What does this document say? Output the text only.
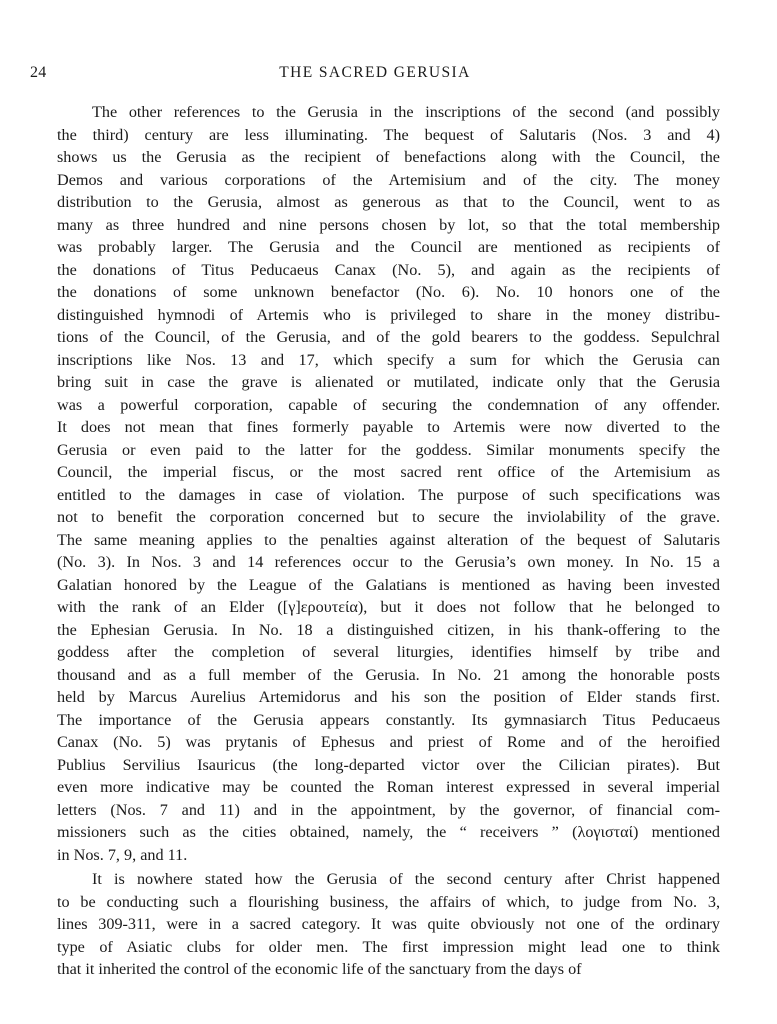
24	THE SACRED GERUSIA
The other references to the Gerusia in the inscriptions of the second (and possibly
the third) century are less illuminating. The bequest of Salutaris (Nos. 3 and 4)
shows us the Gerusia as the recipient of benefactions along with the Council, the
Demos and various corporations of the Artemisium and of the city. The money
distribution to the Gerusia, almost as generous as that to the Council, went to as
many as three hundred and nine persons chosen by lot, so that the total membership
was probably larger. The Gerusia and the Council are mentioned as recipients of
the donations of Titus Peducaeus Canax (No. 5), and again as the recipients of
the donations of some unknown benefactor (No. 6). No. 10 honors one of the
distinguished hymnodi of Artemis who is privileged to share in the money distribu-
tions of the Council, of the Gerusia, and of the gold bearers to the goddess. Sepulchral
inscriptions like Nos. 13 and 17, which specify a sum for which the Gerusia can
bring suit in case the grave is alienated or mutilated, indicate only that the Gerusia
was a powerful corporation, capable of securing the condemnation of any offender.
It does not mean that fines formerly payable to Artemis were now diverted to the
Gerusia or even paid to the latter for the goddess. Similar monuments specify the
Council, the imperial fiscus, or the most sacred rent office of the Artemisium as
entitled to the damages in case of violation. The purpose of such specifications was
not to benefit the corporation concerned but to secure the inviolability of the grave.
The same meaning applies to the penalties against alteration of the bequest of Salutaris
(No. 3). In Nos. 3 and 14 references occur to the Gerusia’s own money. In No. 15 a
Galatian honored by the League of the Galatians is mentioned as having been invested
with the rank of an Elder ([γ]ερουτεία), but it does not follow that he belonged to
the Ephesian Gerusia. In No. 18 a distinguished citizen, in his thank-offering to the
goddess after the completion of several liturgies, identifies himself by tribe and
thousand and as a full member of the Gerusia. In No. 21 among the honorable posts
held by Marcus Aurelius Artemidorus and his son the position of Elder stands first.
The importance of the Gerusia appears constantly. Its gymnasiarch Titus Peducaeus
Canax (No. 5) was prytanis of Ephesus and priest of Rome and of the heroified
Publius Servilius Isauricus (the long-departed victor over the Cilician pirates). But
even more indicative may be counted the Roman interest expressed in several imperial
letters (Nos. 7 and 11) and in the appointment, by the governor, of financial com-
missioners such as the cities obtained, namely, the “ receivers ” (λογισταί) mentioned
in Nos. 7, 9, and 11.
It is nowhere stated how the Gerusia of the second century after Christ happened
to be conducting such a flourishing business, the affairs of which, to judge from No. 3,
lines 309-311, were in a sacred category. It was quite obviously not one of the ordinary
type of Asiatic clubs for older men. The first impression might lead one to think
that it inherited the control of the economic life of the sanctuary from the days of
